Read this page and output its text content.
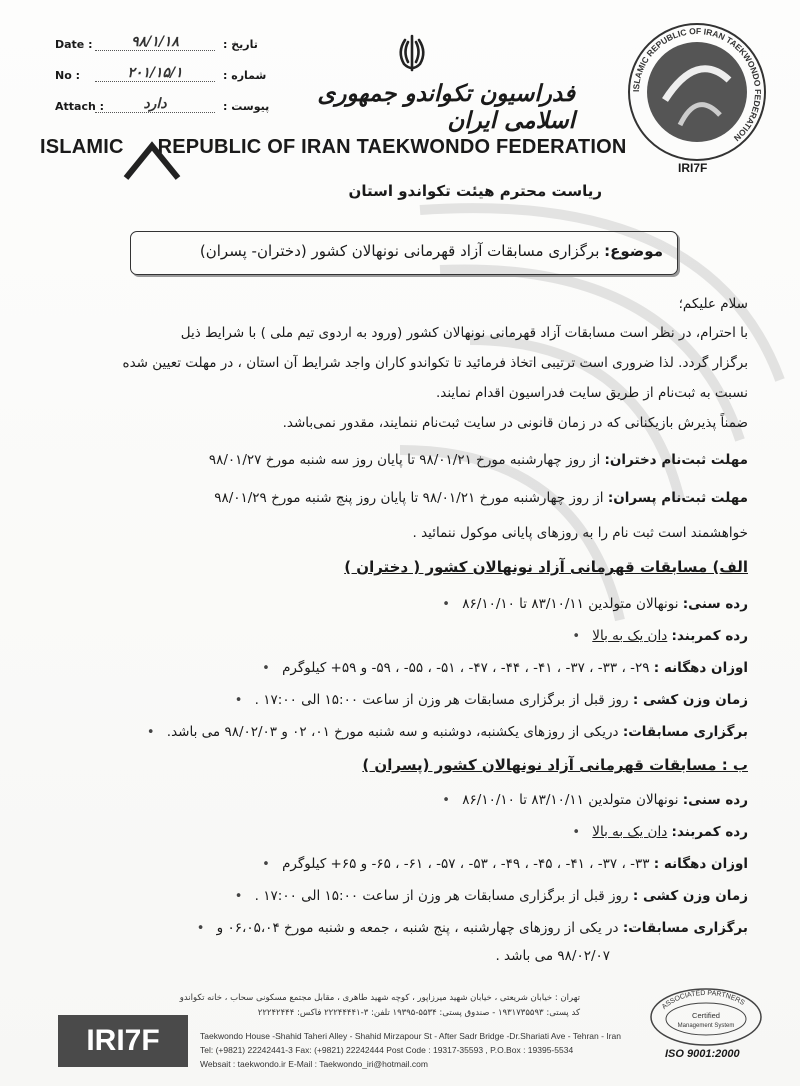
Date :	۹۸/۱/۱۸	تاریخ :
No :	۲۰۱/۱۵/۱	شماره :
Attach :	دارد	پیوست :	فدراسیون تکواندو جمهوری اسلامی ایران
ISLAMIC REPUBLIC OF IRAN TAEKWONDO FEDERATION
ISLAMIC REPUBLIC OF IRAN TAEKWONDO FEDERATION
IRI7F
ریاست محترم هیئت تکواندو استان
موضوع: برگزاری مسابقات آزاد قهرمانی نونهالان کشور (دختران- پسران)
سلام علیکم؛
با احترام، در نظر است مسابقات آزاد قهرمانی نونهالان کشور (ورود به اردوی تیم ملی ) با شرایط ذیل
برگزار گردد. لذا ضروری است ترتیبی اتخاذ فرمائید تا تکواندو کاران واجد شرایط آن استان ، در مهلت تعیین شده
نسبت به ثبت‌نام از طریق سایت فدراسیون اقدام نمایند.
ضمناً پذیرش بازیکنانی که در زمان قانونی در سایت ثبت‌نام ننمایند، مقدور نمی‌باشد.
مهلت ثبت‌نام دختران: از روز چهارشنبه مورخ ۹۸/۰۱/۲۱ تا پایان روز سه شنبه مورخ ۹۸/۰۱/۲۷
مهلت ثبت‌نام پسران: از روز چهارشنبه مورخ ۹۸/۰۱/۲۱ تا پایان روز پنج شنبه مورخ ۹۸/۰۱/۲۹
خواهشمند است ثبت نام را به روزهای پایانی موکول ننمائید .
الف) مسابقات قهرمانی آزاد نونهالان کشور ( دختران )
رده سنی: نونهالان متولدین ۸۳/۱۰/۱۱ تا ۸۶/۱۰/۱۰ •
رده کمربند: دان یک به بالا •
اوزان دهگانه : ۲۹- ، ۳۳- ، ۳۷- ، ۴۱- ، ۴۴- ، ۴۷- ، ۵۱- ، ۵۵- ، ۵۹- و ۵۹+ کیلوگرم •
زمان وزن کشی : روز قبل از برگزاری مسابقات هر وزن از ساعت ۱۵:۰۰ الی ۱۷:۰۰ . •
برگزاری مسابقات: دریکی از روزهای یکشنبه، دوشنبه و سه شنبه مورخ ۰۱، ۰۲ و ۹۸/۰۲/۰۳ می باشد. •
ب : مسابقات قهرمانی آزاد نونهالان کشور (پسران )
رده سنی: نونهالان متولدین ۸۳/۱۰/۱۱ تا ۸۶/۱۰/۱۰ •
رده کمربند: دان یک به بالا •
اوزان دهگانه : ۳۳- ، ۳۷- ، ۴۱- ، ۴۵- ، ۴۹- ، ۵۳- ، ۵۷- ، ۶۱- ، ۶۵- و ۶۵+ کیلوگرم •
زمان وزن کشی : روز قبل از برگزاری مسابقات هر وزن از ساعت ۱۵:۰۰ الی ۱۷:۰۰ . •
برگزاری مسابقات: در یکی از روزهای چهارشنبه ، پنج شنبه ، جمعه و شنبه مورخ ۰۶،۰۵،۰۴ و •
۹۸/۰۲/۰۷ می باشد .
IRI7F
تهران : خیابان شریعتی ، خیابان شهید میرزاپور ، کوچه شهید طاهری ، مقابل مجتمع مسکونی سحاب ، خانه تکواندو
کد پستی: ۱۹۳۱۷۳۵۵۹۳ - صندوق پستی: ۵۵۳۴-۱۹۳۹۵ تلفن: ۳-۲۲۲۴۴۴۴۱ فاکس: ۲۲۲۴۲۴۴۴
Taekwondo House -Shahid Taheri Alley - Shahid Mirzapour St - After Sadr Bridge -Dr.Shariati Ave - Tehran - Iran
Tel: (+9821) 22242441-3 Fax: (+9821) 22242444 Post Code : 19317-35593 , P.O.Box : 19395-5534
Websait : taekwondo.ir E-Mail : Taekwondo_iri@hotmail.com
ASSOCIATED PARTNERS
Certified
Management System
ISO 9001:2000
